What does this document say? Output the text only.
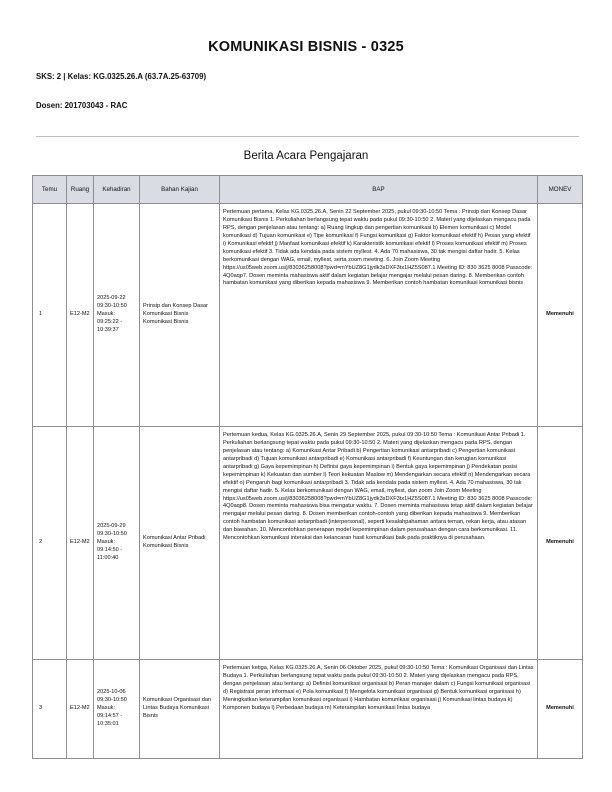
KOMUNIKASI BISNIS - 0325
SKS: 2 | Kelas: KG.0325.26.A (63.7A.25-63709)
Dosen: 201703043 - RAC
Berita Acara Pengajaran
Temu	Ruang	Kehadiran	Bahan Kajian	BAP	MONEV
1	E12-M2	2025-09-22 09:30-10:50 Masuk: 09:25:22 - 10:39:37	Prinsip dan Konsep Dasar Komunikasi Bisnis Komunikasi Bisnis	Pertemuan pertama, Kelas KG.0325.26.A, Senin 22 September 2025, pukul 09:30-10:50 Tema : Prinsip dan Konsep Dasar Komunikasi Bisnis 1. Perkuliahan berlangsung tepat waktu pada pukul 09:30-10:50 2. Materi yang dijelaskan mengacu pada RPS, dengan penjelasan atau tentang: a) Ruang lingkup dan pengertian komunikasi b) Elemen komunikasi c) Model komunikasi d) Tujuan komunikasi e) Tipe komunikasi f) Fungsi komunikasi g) Faktor komunikasi efektif h) Pesan yang efektif i) Komunikasi efektif j) Manfaat komunikasi efektif k) Karakteristik komunikasi efektif l) Proses komunikasi efektif m) Proses komunikasi efektif 3. Tidak ada kendala pada sistem myllest. 4. Ada 70 mahasiswa, 30 tak mengisi daftar hadir. 5. Kelas berkomunikasi dengan WAG, email, myllest, serta zoom meeting. 6. Join Zoom Meeting https://us05web.zoom.us/j/83036258008?pwd=mYbUZ8G1jydk3sDXF3tx1HZ5S087.1 Meeting ID: 830 3625 8008 Passcode: 4Q0aqp7. Dosen meminta mahasiswa aktif dalam kegiatan belajar mengajar melalui pesan daring. 8. Memberikan contoh hambatan komunikasi yang diberikan kepada mahasiswa 9. Memberikan contoh hambatan komunikasi komunikasi bisnis	Memenuhi
2	E12-M2	2025-09-29 09:30-10:50 Masuk: 09:14:50 - 11:00:40	Komunikasi Antar Pribadi Komunikasi Bisnis	Pertemuan kedua, Kelas KG.0325.26.A, Senin 29 September 2025, pukul 09:30-10:50 Tema : Komunikasi Antar Pribadi 1. Perkuliahan berlangsung tepat waktu pada pukul 09:30-10:50 2. Materi yang dijelaskan mengacu pada RPS, dengan penjelasan atau tentang: a) Komunikasi Antar Pribadi b) Pengertian komunikasi antarpribadi c) Pengertian komunikasi antarpribadi d) Tujuan komunikasi antarpribadi e) Komunikasi antarpribadi f) Keuntungan dan kerugian komunikasi antarpribadi g) Gaya kepemimpinan h) Definisi gaya kepemimpinan i) Bentuk gaya kepemimpinan j) Pendekatan posisi kepemimpinan k) Kekuatan dan sumber l) Teori kekuatan Maslow m) Mendengarkan secara efektif n) Mendengarkan secara efektif o) Pengaruh bagi komunikasi antarpribadi 3. Tidak ada kendala pada sistem myllest. 4. Ada 70 mahasiswa, 30 tak mengisi daftar hadir. 5. Kelas berkomunikasi dengan WAG, email, myllest, dan zoom Join Zoom Meeting https://us05web.zoom.us/j/83036258008?pwd=mYbUZ8G1jydk3sDXF3tx1HZ5S087.1 Meeting ID: 830 3625 8008 Passcode: 4Q0aqp8. Dosen meminta mahasiswa bisa mengatur waktu. 7. Dosen meminta mahasiswa tetap aktif dalam kegiatan belajar mengajar melalui pesan daring. 8. Dosen memberikan contoh-contoh yang diberikan kepada mahasiswa 9. Memberikan contoh hambatan komunikasi antarpribadi (interpersonal), seperti kesalahpahaman antara teman, rekan kerja, atau atasan dan bawahan. 10. Mencontohkan penerapan model kepemimpinan dalam perusahaan dengan cara berkomunikasi. 11. Mencontohkan komunikasi interaksi dan kelancaran hasil komunikasi baik pada praktiknya di perusahaan.	Memenuhi
3	E12-M2	2025-10-06 09:30-10:50 Masuk: 09:14:57 - 10:35:01	Komunikasi Organisasi dan Lintas Budaya Komunikasi Bisnis	Pertemuan ketiga, Kelas KG.0325.26.A, Senin 06 Oktober 2025, pukul 09:30-10:50 Tema : Komunikasi Organisasi dan Lintas Budaya 1. Perkuliahan berlangsung tepat waktu pada pukul 09:30-10:50 2. Materi yang dijelaskan mengacu pada RPS, dengan penjelasan atau tentang: a) Definisi komunikasi organisasi b) Peran manajer dalam c) Fungsi komunikasi organisasi d) Registrasi peran informasi e) Pola komunikasi f) Mengelola komunikasi organisasi g) Bentuk komunikasi organisasi h) Meningkatkan keterampilan komunikasi organisasi i) Hambatan komunikasi organisasi j) Komunikasi lintas budaya k) Komponen budaya l) Perbedaan budaya m) Keterampilan komunikasi lintas budaya	Memenuhi
